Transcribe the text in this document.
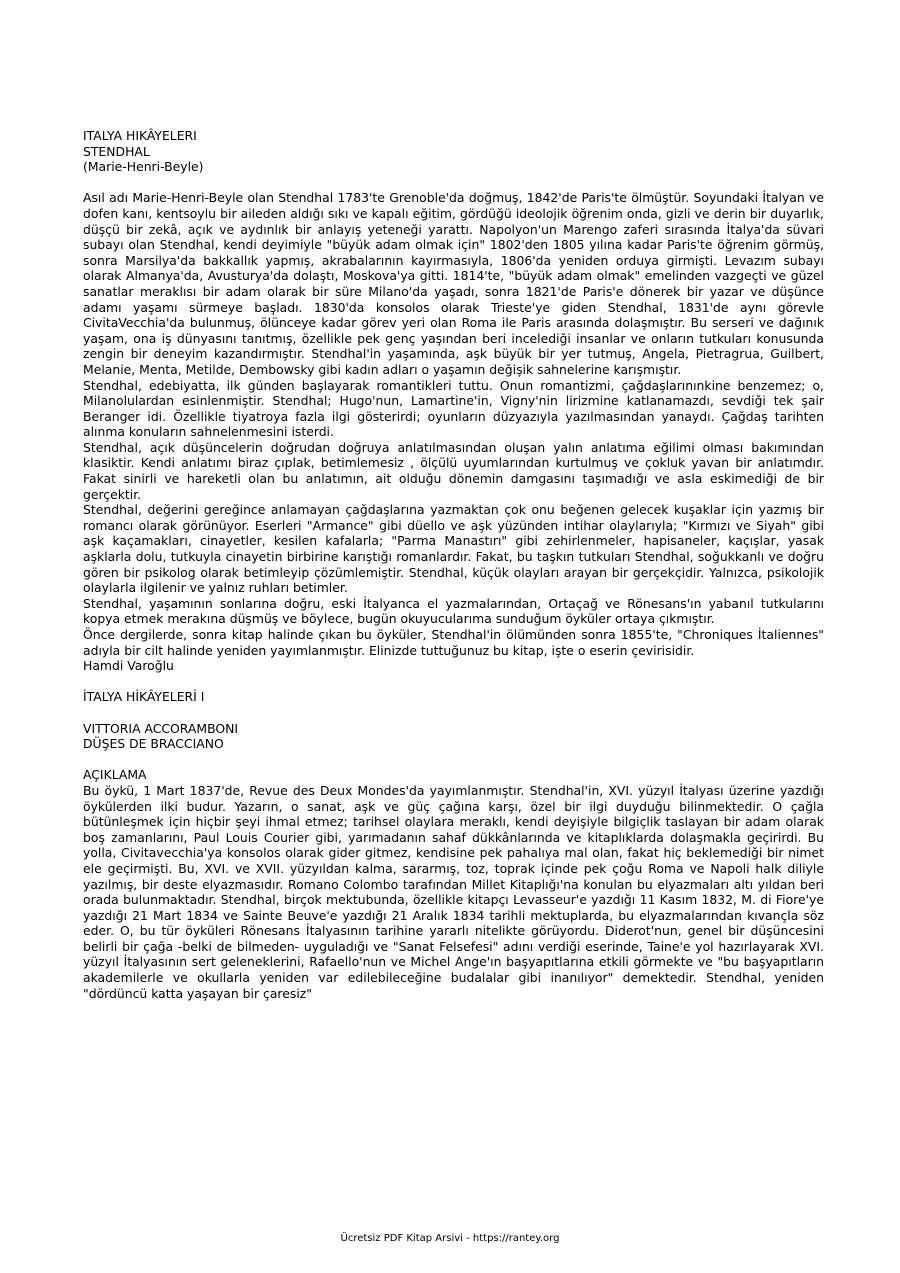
ITALYA HIKÂYELERI

STENDHAL

(Marie-Henri-Beyle)

Asıl adı Marie-Henri-Beyle olan Stendhal 1783'te Grenoble'da doğmuş, 1842'de Paris'te ölmüştür. Soyundaki İtalyan ve dofen kanı, kentsoylu bir aileden aldığı sıkı ve kapalı eğitim, gördüğü ideolojik öğrenim onda, gizli ve derin bir duyarlık, düşçü bir zekâ, açık ve aydınlık bir anlayış yeteneği yarattı. Napolyon'un Marengo zaferi sırasında İtalya'da süvari subayı olan Stendhal, kendi deyimiyle "büyük adam olmak için" 1802'den 1805 yılına kadar Paris'te öğrenim görmüş, sonra Marsilya'da bakkallık yapmış, akrabalarının kayırmasıyla, 1806'da yeniden orduya girmişti. Levazım subayı olarak Almanya'da, Avusturya'da dolaştı, Moskova'ya gitti. 1814'te, "büyük adam olmak" emelinden vazgeçti ve güzel sanatlar meraklısı bir adam olarak bir süre Milano'da yaşadı, sonra 1821'de Paris'e dönerek bir yazar ve düşünce adamı yaşamı sürmeye başladı. 1830'da konsolos olarak Trieste'ye giden Stendhal, 1831'de aynı görevle CivitaVecchia'da bulunmuş, ölünceye kadar görev yeri olan Roma ile Paris arasında dolaşmıştır. Bu serseri ve dağınık yaşam, ona iş dünyasını tanıtmış, özellikle pek genç yaşından beri incelediği insanlar ve onların tutkuları konusunda zengin bir deneyim kazandırmıştır. Stendhal'in yaşamında, aşk büyük bir yer tutmuş, Angela, Pietragrua, Guilbert, Melanie, Menta, Metilde, Dembowsky gibi kadın adları o yaşamın değişik sahnelerine karışmıştır.

Stendhal, edebiyatta, ilk günden başlayarak romantikleri tuttu. Onun romantizmi, çağdaşlarınınkine benzemez; o, Milanolulardan esinlenmiştir. Stendhal; Hugo'nun, Lamartine'in, Vigny'nin lirizmine katlanamazdı, sevdiği tek şair Beranger idi. Özellikle tiyatroya fazla ilgi gösterirdi; oyunların düzyazıyla yazılmasından yanaydı. Çağdaş tarihten alınma konuların sahnelenmesini isterdi.

Stendhal, açık düşüncelerin doğrudan doğruya anlatılmasından oluşan yalın anlatıma eğilimi olması bakımından klasiktir. Kendi anlatımı biraz çıplak, betimlemesiz , ölçülü uyumlarından kurtulmuş ve çokluk yavan bir anlatımdır. Fakat sinirli ve hareketli olan bu anlatımın, ait olduğu dönemin damgasını taşımadığı ve asla eskimediği de bir gerçektir.

Stendhal, değerini gereğince anlamayan çağdaşlarına yazmaktan çok onu beğenen gelecek kuşaklar için yazmış bir romancı olarak görünüyor. Eserleri "Armance" gibi düello ve aşk yüzünden intihar olaylarıyla; "Kırmızı ve Siyah" gibi aşk kaçamakları, cinayetler, kesilen kafalarla; "Parma Manastırı" gibi zehirlenmeler, hapisaneler, kaçışlar, yasak aşklarla dolu, tutkuyla cinayetin birbirine karıştığı romanlardır. Fakat, bu taşkın tutkuları Stendhal, soğukkanlı ve doğru gören bir psikolog olarak betimleyip çözümlemiştir. Stendhal, küçük olayları arayan bir gerçekçidir. Yalnızca, psikolojik olaylarla ilgilenir ve yalnız ruhları betimler.

Stendhal, yaşamının sonlarına doğru, eski İtalyanca el yazmalarından, Ortaçağ ve Rönesans'ın yabanıl tutkularını kopya etmek merakına düşmüş ve böylece, bugün okuyucularıma sunduğum öyküler ortaya çıkmıştır.

Önce dergilerde, sonra kitap halinde çıkan bu öyküler, Stendhal'in ölümünden sonra 1855'te, "Chroniques İtaliennes" adıyla bir cilt halinde yeniden yayımlanmıştır. Elinizde tuttuğunuz bu kitap, işte o eserin çevirisidir.

Hamdi Varoğlu

İTALYA HİKÂYELERİ I

VITTORIA ACCORAMBONI

DÜŞES DE BRACCIANO

AÇIKLAMA

Bu öykü, 1 Mart 1837'de, Revue des Deux Mondes'da yayımlanmıştır. Stendhal'in, XVI. yüzyıl İtalyası üzerine yazdığı öykülerden ilki budur. Yazarın, o sanat, aşk ve güç çağına karşı, özel bir ilgi duyduğu bilinmektedir. O çağla bütünleşmek için hiçbir şeyi ihmal etmez; tarihsel olaylara meraklı, kendi deyişiyle bilgiçlik taslayan bir adam olarak boş zamanlarını, Paul Louis Courier gibi, yarımadanın sahaf dükkânlarında ve kitaplıklarda dolaşmakla geçirirdi. Bu yolla, Civitavecchia'ya konsolos olarak gider gitmez, kendisine pek pahalıya mal olan, fakat hiç beklemediği bir nimet ele geçirmişti. Bu, XVI. ve XVII. yüzyıldan kalma, sararmış, toz, toprak içinde pek çoğu Roma ve Napoli halk diliyle yazılmış, bir deste elyazmasıdır. Romano Colombo tarafından Millet Kitaplığı'na konulan bu elyazmaları altı yıldan beri orada bulunmaktadır. Stendhal, birçok mektubunda, özellikle kitapçı Levasseur'e yazdığı 11 Kasım 1832, M. di Fiore'ye yazdığı 21 Mart 1834 ve Sainte Beuve'e yazdığı 21 Aralık 1834 tarihli mektuplarda, bu elyazmalarından kıvançla söz eder. O, bu tür öyküleri Rönesans İtalyasının tarihine yararlı nitelikte görüyordu. Diderot'nun, genel bir düşüncesini belirli bir çağa -belki de bilmeden- uyguladığı ve "Sanat Felsefesi" adını verdiği eserinde, Taine'e yol hazırlayarak XVI. yüzyıl İtalyasının sert geleneklerini, Rafaello'nun ve Michel Ange'ın başyapıtlarına etkili görmekte ve "bu başyapıtların akademilerle ve okullarla yeniden var edilebileceğine budalalar gibi inanılıyor" demektedir. Stendhal, yeniden "dördüncü katta yaşayan bir çaresiz"

Ücretsiz PDF Kitap Arsivi - https://rantey.org
